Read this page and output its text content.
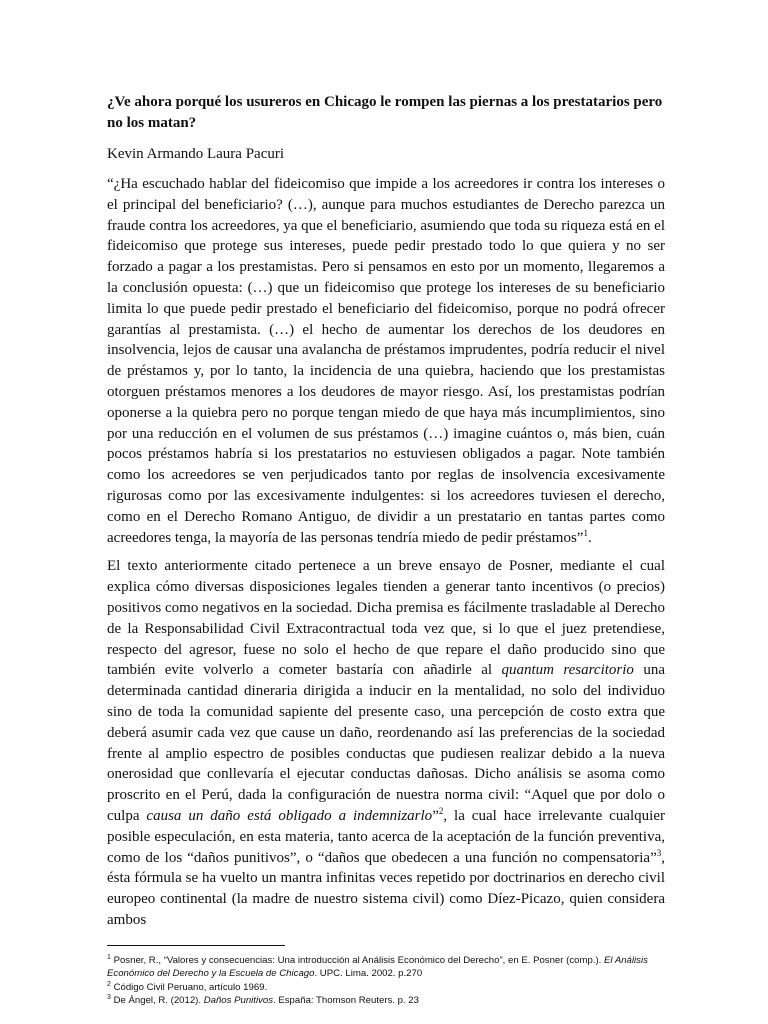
¿Ve ahora porqué los usureros en Chicago le rompen las piernas a los prestatarios pero no los matan?

Kevin Armando Laura Pacuri

“¿Ha escuchado hablar del fideicomiso que impide a los acreedores ir contra los intereses o el principal del beneficiario? (…), aunque para muchos estudiantes de Derecho parezca un fraude contra los acreedores, ya que el beneficiario, asumiendo que toda su riqueza está en el fideicomiso que protege sus intereses, puede pedir prestado todo lo que quiera y no ser forzado a pagar a los prestamistas. Pero si pensamos en esto por un momento, llegaremos a la conclusión opuesta: (…) que un fideicomiso que protege los intereses de su beneficiario limita lo que puede pedir prestado el beneficiario del fideicomiso, porque no podrá ofrecer garantías al prestamista. (…) el hecho de aumentar los derechos de los deudores en insolvencia, lejos de causar una avalancha de préstamos imprudentes, podría reducir el nivel de préstamos y, por lo tanto, la incidencia de una quiebra, haciendo que los prestamistas otorguen préstamos menores a los deudores de mayor riesgo. Así, los prestamistas podrían oponerse a la quiebra pero no porque tengan miedo de que haya más incumplimientos, sino por una reducción en el volumen de sus préstamos (…) imagine cuántos o, más bien, cuán pocos préstamos habría si los prestatarios no estuviesen obligados a pagar. Note también como los acreedores se ven perjudicados tanto por reglas de insolvencia excesivamente rigurosas como por las excesivamente indulgentes: si los acreedores tuviesen el derecho, como en el Derecho Romano Antiguo, de dividir a un prestatario en tantas partes como acreedores tenga, la mayoría de las personas tendría miedo de pedir préstamos”$^1$.

El texto anteriormente citado pertenece a un breve ensayo de Posner, mediante el cual explica cómo diversas disposiciones legales tienden a generar tanto incentivos (o precios) positivos como negativos en la sociedad. Dicha premisa es fácilmente trasladable al Derecho de la Responsabilidad Civil Extracontractual toda vez que, si lo que el juez pretendiese, respecto del agresor, fuese no solo el hecho de que repare el daño producido sino que también evite volverlo a cometer bastaría con añadirle al quantum resarcitorio una determinada cantidad dineraria dirigida a inducir en la mentalidad, no solo del individuo sino de toda la comunidad sapiente del presente caso, una percepción de costo extra que deberá asumir cada vez que cause un daño, reordenando así las preferencias de la sociedad frente al amplio espectro de posibles conductas que pudiesen realizar debido a la nueva onerosidad que conllevaría el ejecutar conductas dañosas. Dicho análisis se asoma como proscrito en el Perú, dada la configuración de nuestra norma civil: “Aquel que por dolo o culpa causa un daño está obligado a indemnizarlo”$^2$, la cual hace irrelevante cualquier posible especulación, en esta materia, tanto acerca de la aceptación de la función preventiva, como de los “daños punitivos”, o “daños que obedecen a una función no compensatoria”$^3$, ésta fórmula se ha vuelto un mantra infinitas veces repetido por doctrinarios en derecho civil europeo continental (la madre de nuestro sistema civil) como Díez-Picazo, quien considera ambos

$^1$ Posner, R., “Valores y consecuencias: Una introducción al Análisis Económico del Derecho”, en E. Posner (comp.). El Análisis Económico del Derecho y la Escuela de Chicago. UPC. Lima. 2002. p.270

$^2$ Código Civil Peruano, artículo 1969.

$^3$ De Ángel, R. (2012). Daños Punitivos. España: Thomson Reuters. p. 23
